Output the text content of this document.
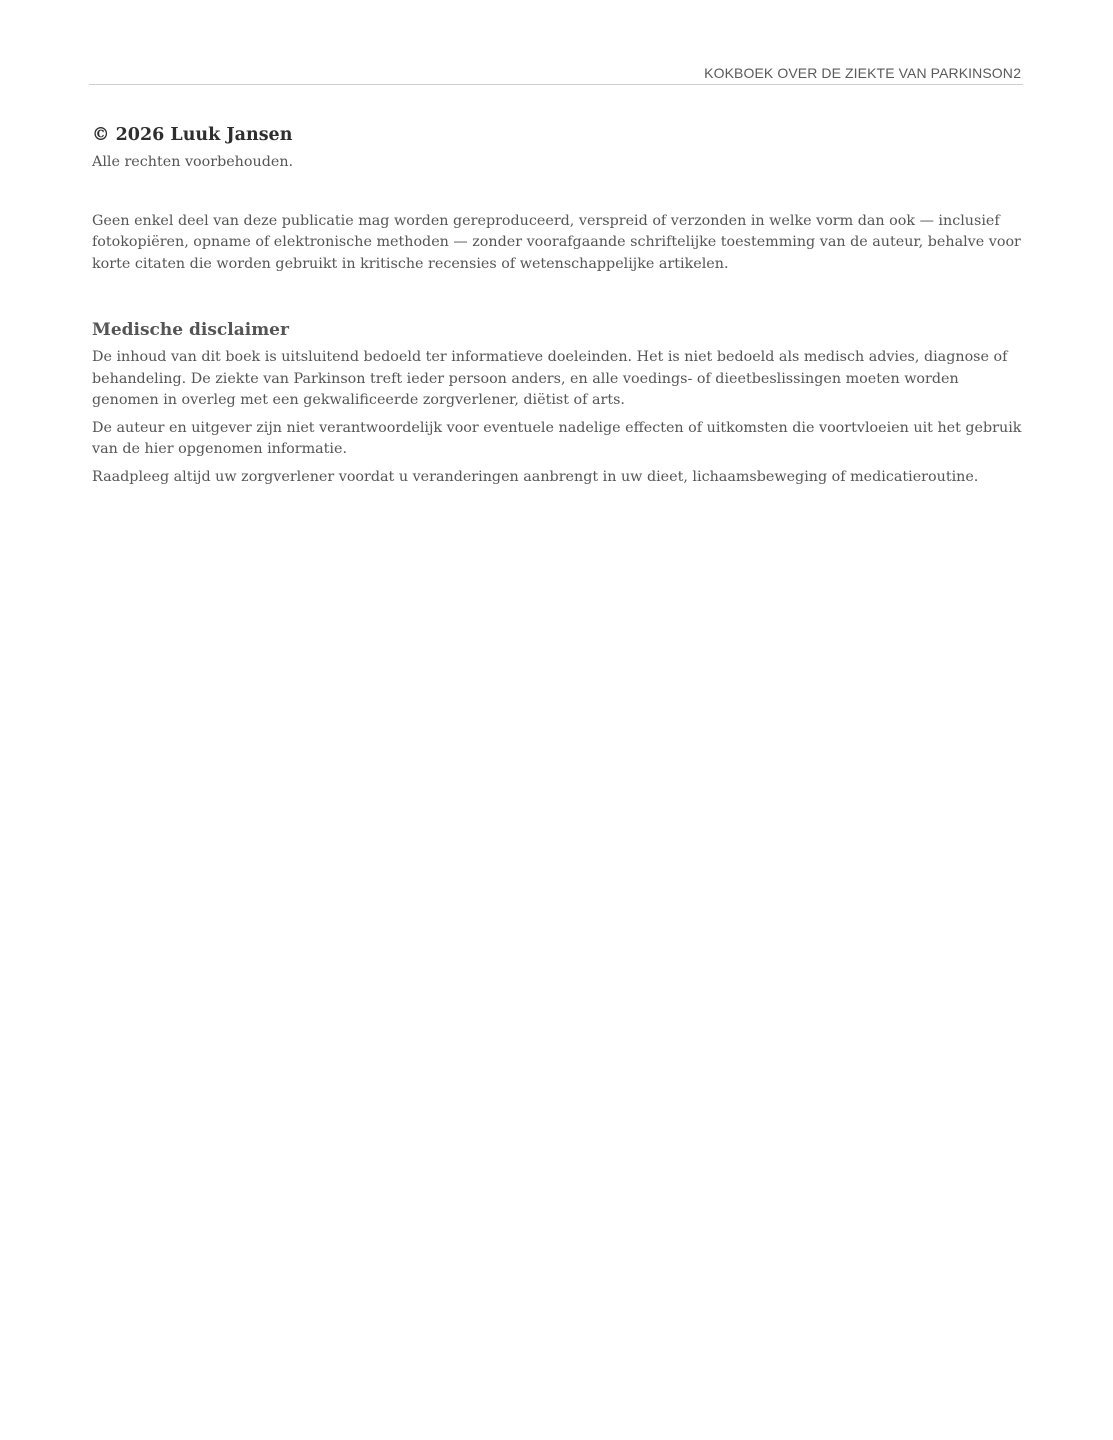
KOKBOEK OVER DE ZIEKTE VAN PARKINSON 2

© 2026 Luuk Jansen

Alle rechten voorbehouden.

Geen enkel deel van deze publicatie mag worden gereproduceerd, verspreid of verzonden in welke vorm dan ook — inclusief fotokopiëren, opname of elektronische methoden — zonder voorafgaande schriftelijke toestemming van de auteur, behalve voor korte citaten die worden gebruikt in kritische recensies of wetenschappelijke artikelen.

Medische disclaimer

De inhoud van dit boek is uitsluitend bedoeld ter informatieve doeleinden. Het is niet bedoeld als medisch advies, diagnose of behandeling. De ziekte van Parkinson treft ieder persoon anders, en alle voedings- of dieetbeslissingen moeten worden genomen in overleg met een gekwalificeerde zorgverlener, diëtist of arts.

De auteur en uitgever zijn niet verantwoordelijk voor eventuele nadelige effecten of uitkomsten die voortvloeien uit het gebruik van de hier opgenomen informatie.

Raadpleeg altijd uw zorgverlener voordat u veranderingen aanbrengt in uw dieet, lichaamsbeweging of medicatieroutine.
